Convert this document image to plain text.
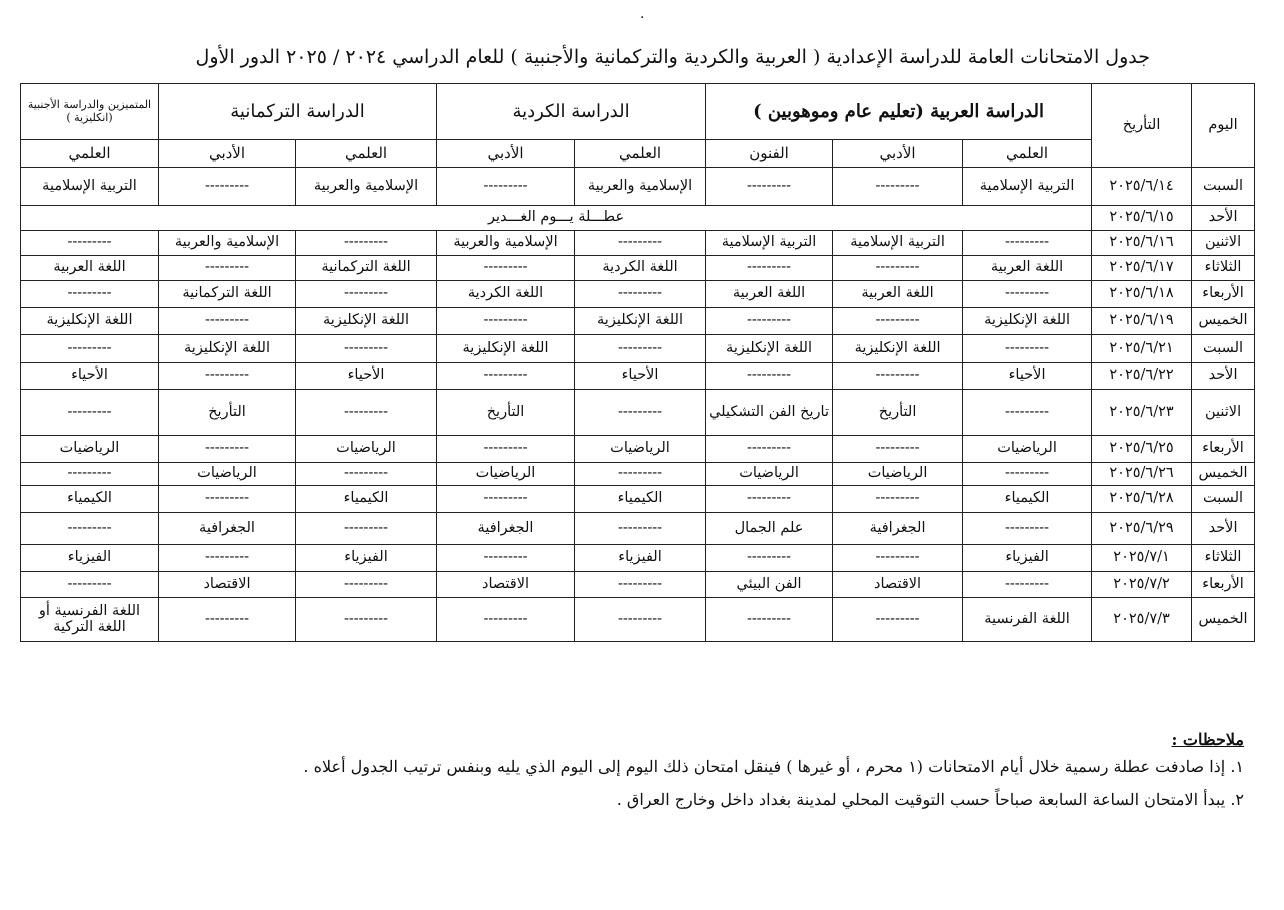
.
جدول الامتحانات العامة للدراسة الإعدادية ( العربية والكردية والتركمانية والأجنبية ) للعام الدراسي ٢٠٢٤ / ٢٠٢٥ الدور الأول
اليوم	التأريخ	الدراسة العربية (تعليم عام وموهوبين )			الدراسة الكردية		الدراسة التركمانية		المتميزين والدراسة الأجنبية (انكليزية )
		العلمي	الأدبي	الفنون	العلمي	الأدبي	العلمي	الأدبي	العلمي
السبت	٢٠٢٥/٦/١٤	التربية الإسلامية	---------	---------	الإسلامية والعربية	---------	الإسلامية والعربية	---------	التربية الإسلامية
الأحد	٢٠٢٥/٦/١٥	عطـــلة يـــوم الغـــدير							
الاثنين	٢٠٢٥/٦/١٦	---------	التربية الإسلامية	التربية الإسلامية	---------	الإسلامية والعربية	---------	الإسلامية والعربية	---------
الثلاثاء	٢٠٢٥/٦/١٧	اللغة العربية	---------	---------	اللغة الكردية	---------	اللغة التركمانية	---------	اللغة العربية
الأربعاء	٢٠٢٥/٦/١٨	---------	اللغة العربية	اللغة العربية	---------	اللغة الكردية	---------	اللغة التركمانية	---------
الخميس	٢٠٢٥/٦/١٩	اللغة الإنكليزية	---------	---------	اللغة الإنكليزية	---------	اللغة الإنكليزية	---------	اللغة الإنكليزية
السبت	٢٠٢٥/٦/٢١	---------	اللغة الإنكليزية	اللغة الإنكليزية	---------	اللغة الإنكليزية	---------	اللغة الإنكليزية	---------
الأحد	٢٠٢٥/٦/٢٢	الأحياء	---------	---------	الأحياء	---------	الأحياء	---------	الأحياء
الاثنين	٢٠٢٥/٦/٢٣	---------	التأريخ	تاريخ الفن التشكيلي	---------	التأريخ	---------	التأريخ	---------
الأربعاء	٢٠٢٥/٦/٢٥	الرياضيات	---------	---------	الرياضيات	---------	الرياضيات	---------	الرياضيات
الخميس	٢٠٢٥/٦/٢٦	---------	الرياضيات	الرياضيات	---------	الرياضيات	---------	الرياضيات	---------
السبت	٢٠٢٥/٦/٢٨	الكيمياء	---------	---------	الكيمياء	---------	الكيمياء	---------	الكيمياء
الأحد	٢٠٢٥/٦/٢٩	---------	الجغرافية	علم الجمال	---------	الجغرافية	---------	الجغرافية	---------
الثلاثاء	٢٠٢٥/٧/١	الفيزياء	---------	---------	الفيزياء	---------	الفيزياء	---------	الفيزياء
الأربعاء	٢٠٢٥/٧/٢	---------	الاقتصاد	الفن البيئي	---------	الاقتصاد	---------	الاقتصاد	---------
الخميس	٢٠٢٥/٧/٣	اللغة الفرنسية	---------	---------	---------	---------	---------	---------	اللغة الفرنسية أو اللغة التركية
ملاحظات :
١. إذا صادفت عطلة رسمية خلال أيام الامتحانات (١ محرم ، أو غيرها ) فينقل امتحان ذلك اليوم إلى اليوم الذي يليه وبنفس ترتيب الجدول أعلاه .
٢. يبدأ الامتحان الساعة السابعة صباحاً حسب التوقيت المحلي لمدينة بغداد داخل وخارج العراق .
